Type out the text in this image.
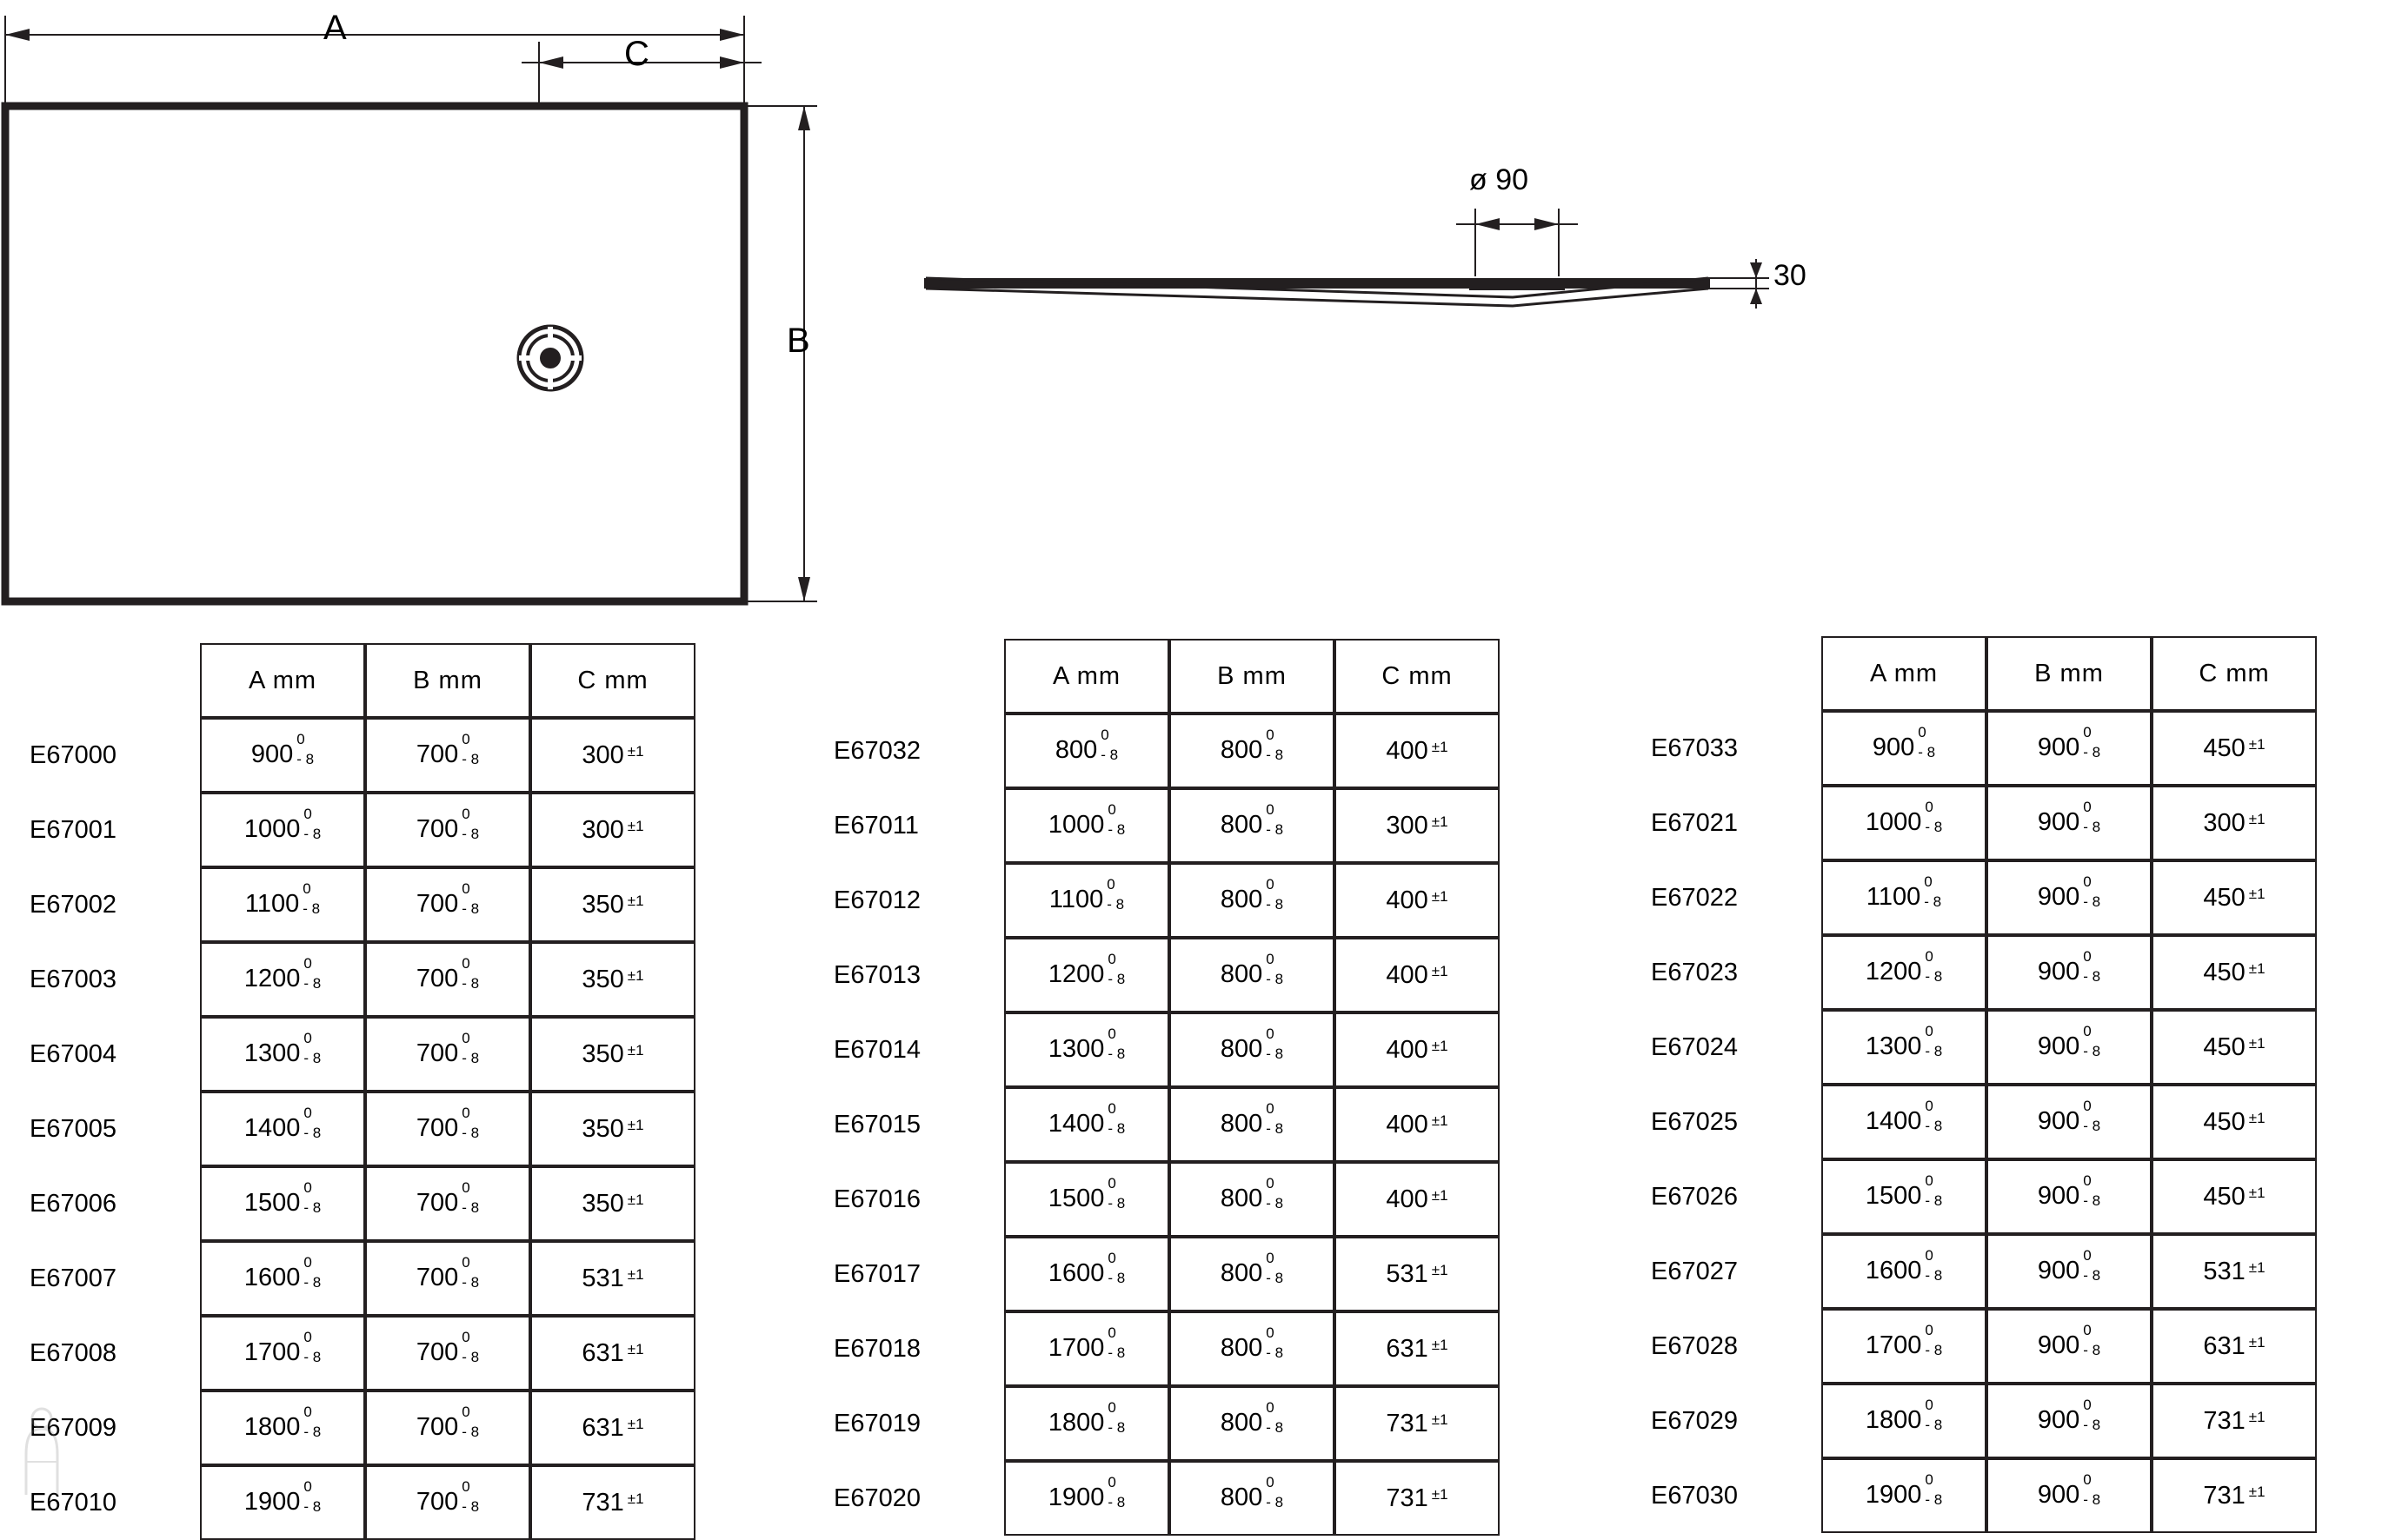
A
C
B
ø 90
30
	A mm	B mm	C mm
E67000	900
0
- 8	700
0
- 8	300 ±1
E67001	1000
0
- 8	700
0
- 8	300 ±1
E67002	1100
0
- 8	700
0
- 8	350 ±1
E67003	1200
0
- 8	700
0
- 8	350 ±1
E67004	1300
0
- 8	700
0
- 8	350 ±1
E67005	1400
0
- 8	700
0
- 8	350 ±1
E67006	1500
0
- 8	700
0
- 8	350 ±1
E67007	1600
0
- 8	700
0
- 8	531 ±1
E67008	1700
0
- 8	700
0
- 8	631 ±1
E67009	1800
0
- 8	700
0
- 8	631 ±1
E67010	1900
0
- 8	700
0
- 8	731 ±1
	A mm	B mm	C mm
E67032	800
0
- 8	800
0
- 8	400 ±1
E67011	1000
0
- 8	800
0
- 8	300 ±1
E67012	1100
0
- 8	800
0
- 8	400 ±1
E67013	1200
0
- 8	800
0
- 8	400 ±1
E67014	1300
0
- 8	800
0
- 8	400 ±1
E67015	1400
0
- 8	800
0
- 8	400 ±1
E67016	1500
0
- 8	800
0
- 8	400 ±1
E67017	1600
0
- 8	800
0
- 8	531 ±1
E67018	1700
0
- 8	800
0
- 8	631 ±1
E67019	1800
0
- 8	800
0
- 8	731 ±1
E67020	1900
0
- 8	800
0
- 8	731 ±1
	A mm	B mm	C mm
E67033	900
0
- 8	900
0
- 8	450 ±1
E67021	1000
0
- 8	900
0
- 8	300 ±1
E67022	1100
0
- 8	900
0
- 8	450 ±1
E67023	1200
0
- 8	900
0
- 8	450 ±1
E67024	1300
0
- 8	900
0
- 8	450 ±1
E67025	1400
0
- 8	900
0
- 8	450 ±1
E67026	1500
0
- 8	900
0
- 8	450 ±1
E67027	1600
0
- 8	900
0
- 8	531 ±1
E67028	1700
0
- 8	900
0
- 8	631 ±1
E67029	1800
0
- 8	900
0
- 8	731 ±1
E67030	1900
0
- 8	900
0
- 8	731 ±1
